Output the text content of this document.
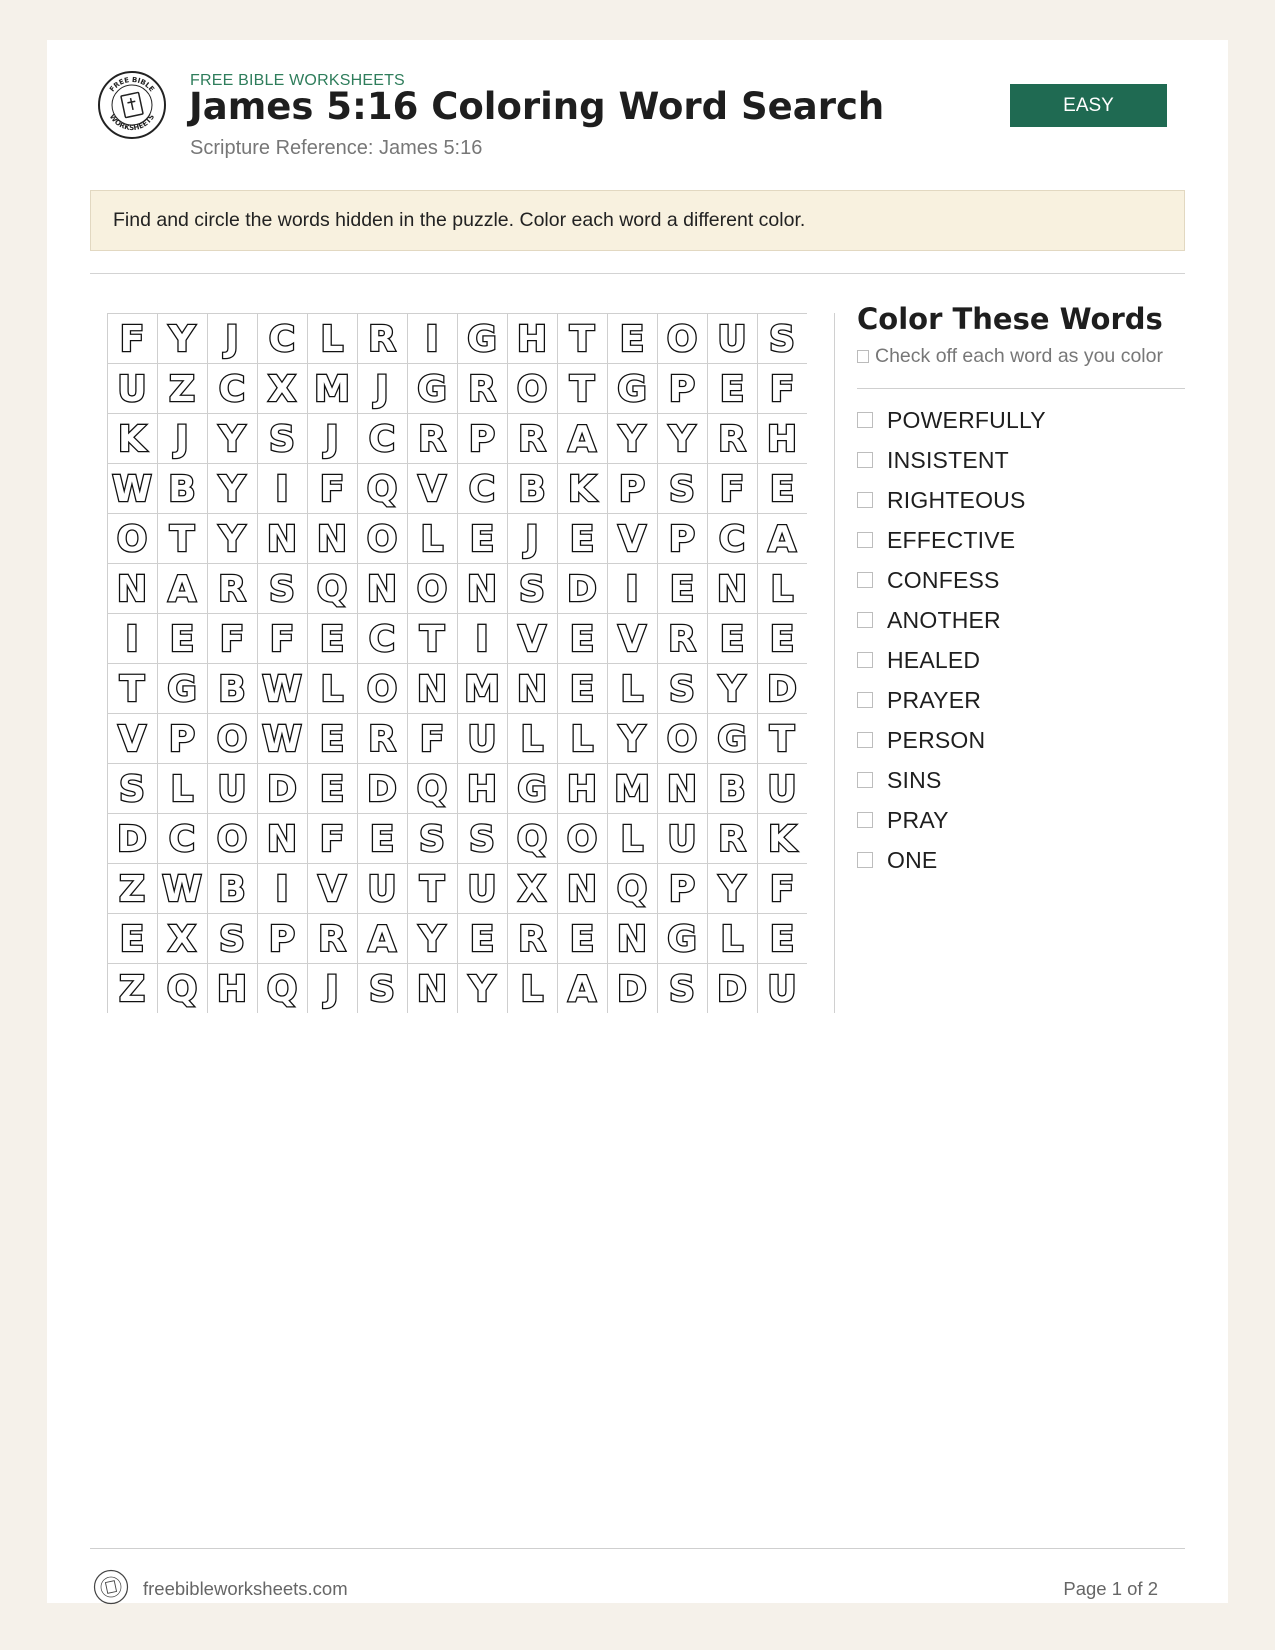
FREE BIBLE
WORKSHEETS
FREE BIBLE WORKSHEETS
James 5:16 Coloring Word Search
Scripture Reference: James 5:16
EASY
Find and circle the words hidden in the puzzle. Color each word a different color.
F Y J C L R I G H T E O U S
U Z C X M J G R O T G P E F
K J Y S J C R P R A Y Y R H
W B Y I F Q V C B K P S F E
O T Y N N O L E J E V P C A
N A R S Q N O N S D I E N L
I E F F E C T I V E V R E E
T G B W L O N M N E L S Y D
V P O W E R F U L L Y O G T
S L U D E D Q H G H M N B U
D C O N F E S S Q O L U R K
Z W B I V U T U X N Q P Y F
E X S P R A Y E R E N G L E
Z Q H Q J S N Y L A D S D U
Color These Words
Check off each word as you color
POWERFULLY
INSISTENT
RIGHTEOUS
EFFECTIVE
CONFESS
ANOTHER
HEALED
PRAYER
PERSON
SINS
PRAY
ONE
freebibleworksheets.com	Page 1 of 2
